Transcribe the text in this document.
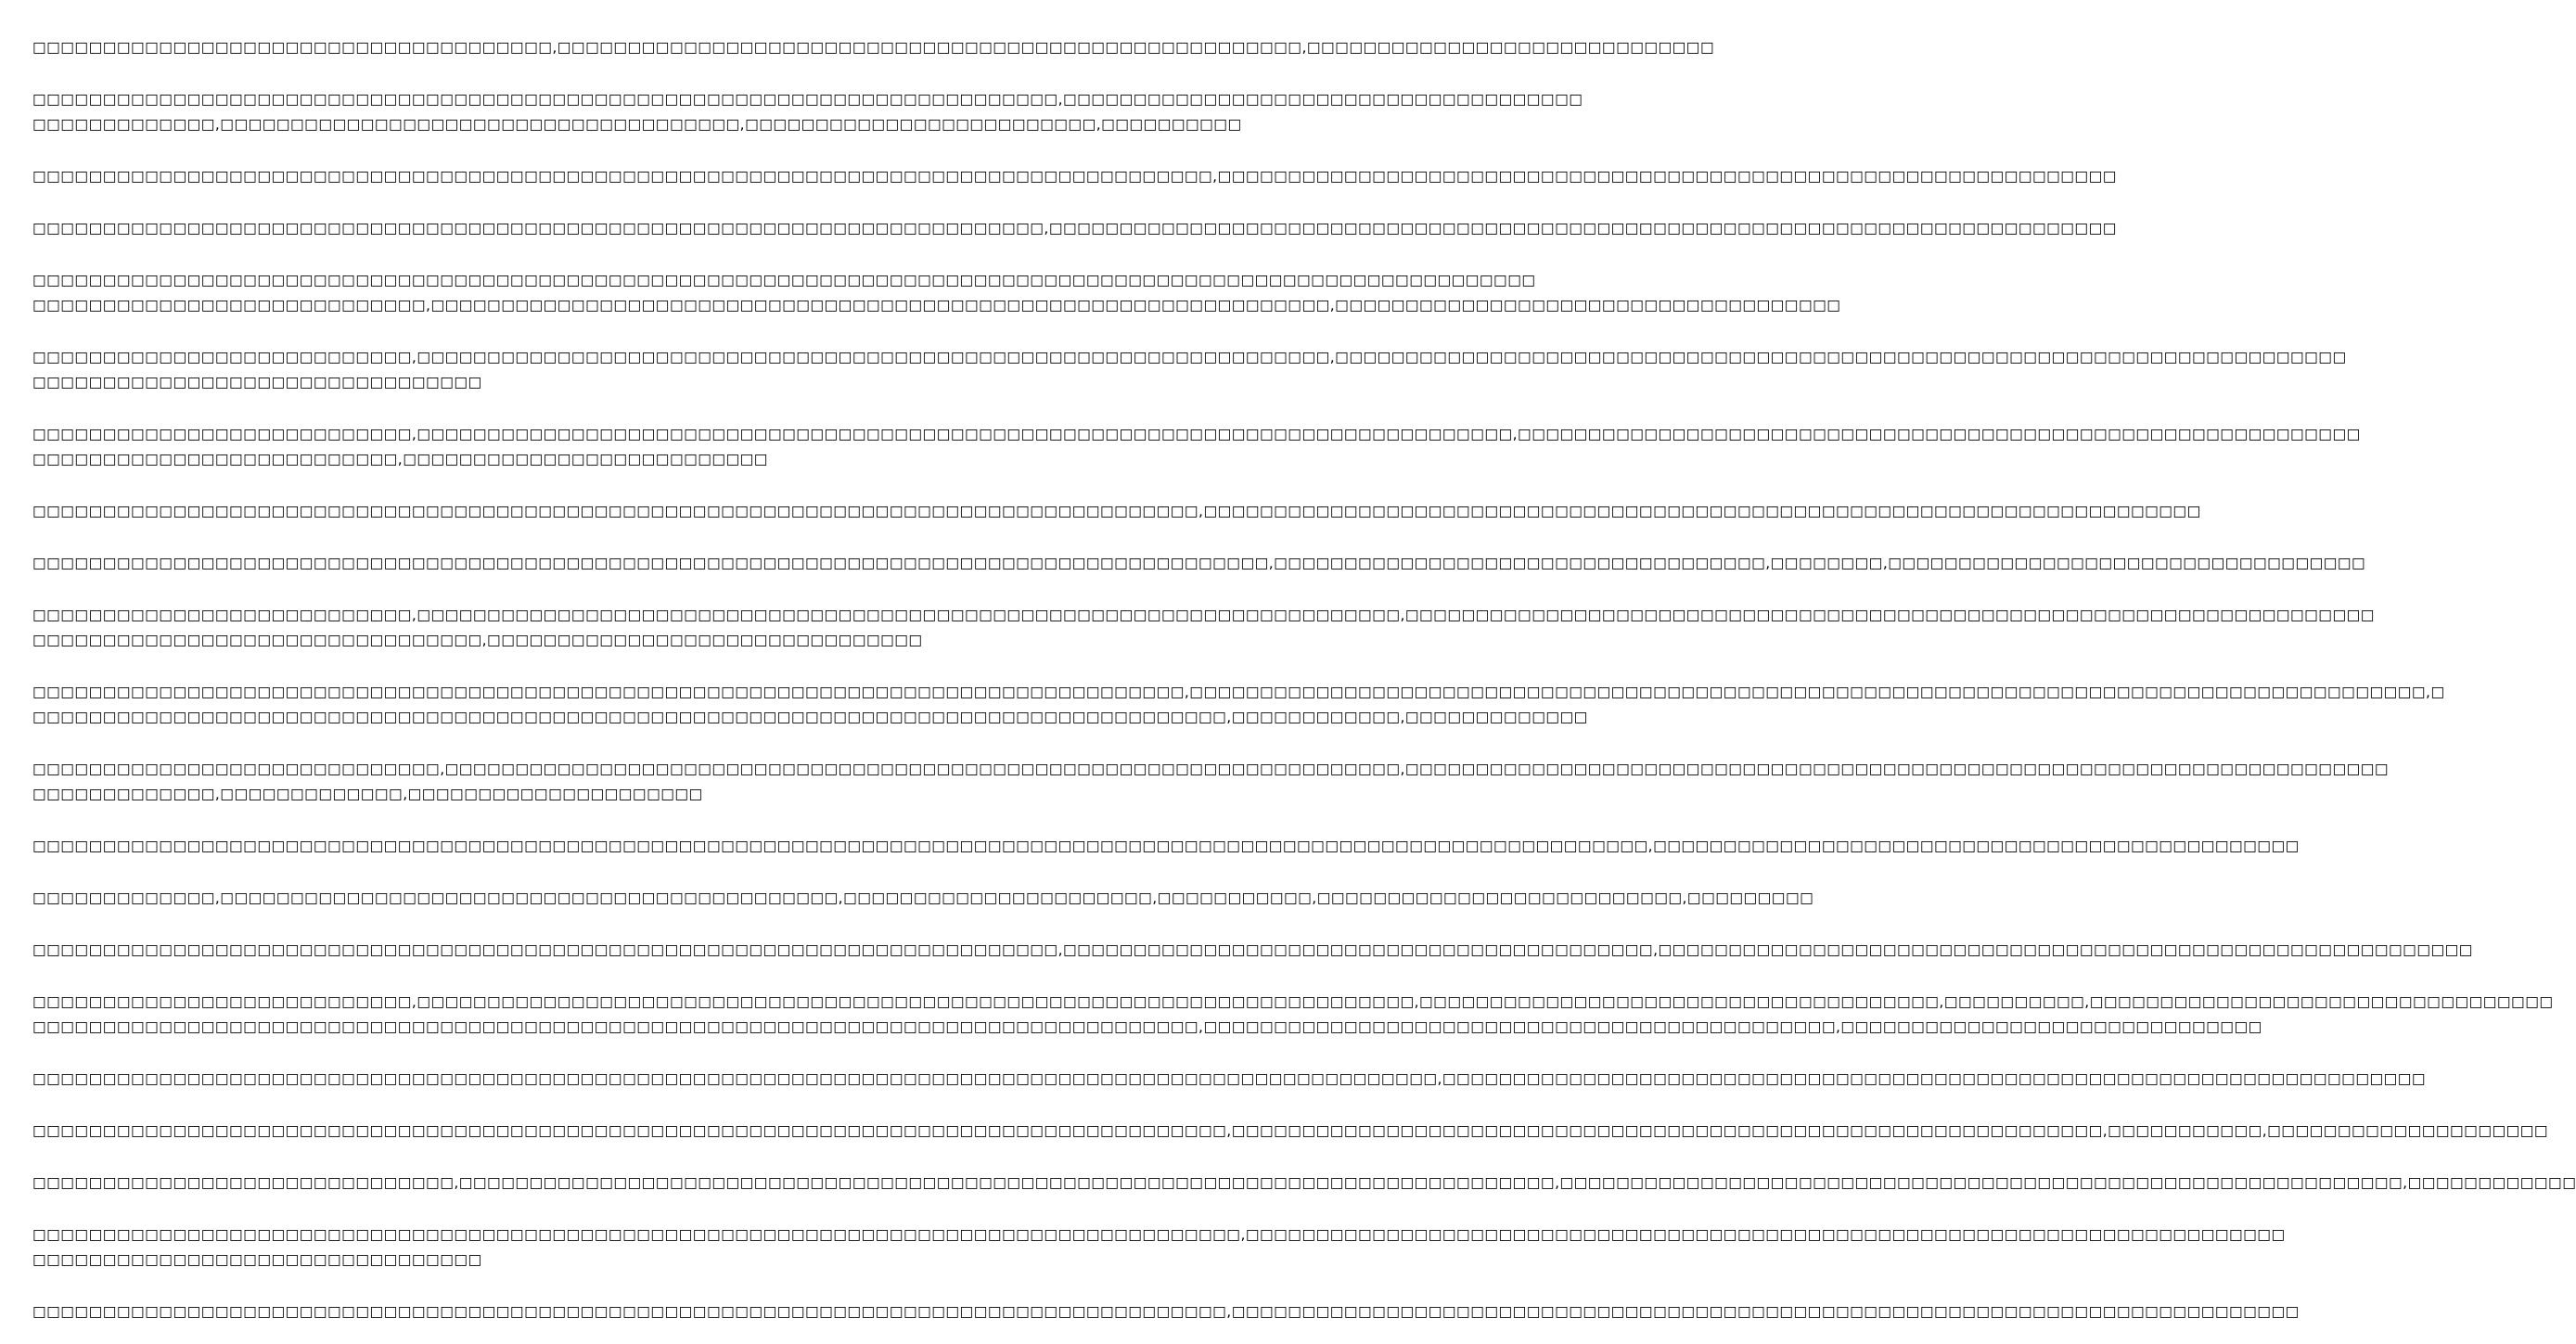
□□□□□□□□□□□□□□□□□□□□□□□□□□□□□□□□□□□□□,□□□□□□□□□□□□□□□□□□□□□□□□□□□□□□□□□□□□□□□□□□□□□□□□□□□□□,□□□□□□□□□□□□□□□□□□□□□□□□□□□□□
□□□□□□□□□□□□□□□□□□□□□□□□□□□□□□□□□□□□□□□□□□□□□□□□□□□□□□□□□□□□□□□□□□□□□□□□□,□□□□□□□□□□□□□□□□□□□□□□□□□□□□□□□□□□□□□
□□□□□□□□□□□□□,□□□□□□□□□□□□□□□□□□□□□□□□□□□□□□□□□□□□□,□□□□□□□□□□□□□□□□□□□□□□□□□,□□□□□□□□□□
□□□□□□□□□□□□□□□□□□□□□□□□□□□□□□□□□□□□□□□□□□□□□□□□□□□□□□□□□□□□□□□□□□□□□□□□□□□□□□□□□□□□,□□□□□□□□□□□□□□□□□□□□□□□□□□□□□□□□□□□□□□□□□□□□□□□□□□□□□□□□□□□□□□□□
□□□□□□□□□□□□□□□□□□□□□□□□□□□□□□□□□□□□□□□□□□□□□□□□□□□□□□□□□□□□□□□□□□□□□□□□,□□□□□□□□□□□□□□□□□□□□□□□□□□□□□□□□□□□□□□□□□□□□□□□□□□□□□□□□□□□□□□□□□□□□□□□□□□□□
□□□□□□□□□□□□□□□□□□□□□□□□□□□□□□□□□□□□□□□□□□□□□□□□□□□□□□□□□□□□□□□□□□□□□□□□□□□□□□□□□□□□□□□□□□□□□□□□□□□□□□□□□□□
□□□□□□□□□□□□□□□□□□□□□□□□□□□□,□□□□□□□□□□□□□□□□□□□□□□□□□□□□□□□□□□□□□□□□□□□□□□□□□□□□□□□□□□□□□□□□,□□□□□□□□□□□□□□□□□□□□□□□□□□□□□□□□□□□□
□□□□□□□□□□□□□□□□□□□□□□□□□□□,□□□□□□□□□□□□□□□□□□□□□□□□□□□□□□□□□□□□□□□□□□□□□□□□□□□□□□□□□□□□□□□□□,□□□□□□□□□□□□□□□□□□□□□□□□□□□□□□□□□□□□□□□□□□□□□□□□□□□□□□□□□□□□□□□□□□□□□□□□
□□□□□□□□□□□□□□□□□□□□□□□□□□□□□□□□
□□□□□□□□□□□□□□□□□□□□□□□□□□□,□□□□□□□□□□□□□□□□□□□□□□□□□□□□□□□□□□□□□□□□□□□□□□□□□□□□□□□□□□□□□□□□□□□□□□□□□□□□□□,□□□□□□□□□□□□□□□□□□□□□□□□□□□□□□□□□□□□□□□□□□□□□□□□□□□□□□□□□□□□
□□□□□□□□□□□□□□□□□□□□□□□□□□,□□□□□□□□□□□□□□□□□□□□□□□□□□
□□□□□□□□□□□□□□□□□□□□□□□□□□□□□□□□□□□□□□□□□□□□□□□□□□□□□□□□□□□□□□□□□□□□□□□□□□□□□□□□□□□,□□□□□□□□□□□□□□□□□□□□□□□□□□□□□□□□□□□□□□□□□□□□□□□□□□□□□□□□□□□□□□□□□□□□□□□
□□□□□□□□□□□□□□□□□□□□□□□□□□□□□□□□□□□□□□□□□□□□□□□□□□□□□□□□□□□□□□□□□□□□□□□□□□□□□□□□□□□□□□□□,□□□□□□□□□□□□□□□□□□□□□□□□□□□□□□□□□□□,□□□□□□□□,□□□□□□□□□□□□□□□□□□□□□□□□□□□□□□□□□□
□□□□□□□□□□□□□□□□□□□□□□□□□□□,□□□□□□□□□□□□□□□□□□□□□□□□□□□□□□□□□□□□□□□□□□□□□□□□□□□□□□□□□□□□□□□□□□□□□□,□□□□□□□□□□□□□□□□□□□□□□□□□□□□□□□□□□□□□□□□□□□□□□□□□□□□□□□□□□□□□□□□□□□□□
□□□□□□□□□□□□□□□□□□□□□□□□□□□□□□□□,□□□□□□□□□□□□□□□□□□□□□□□□□□□□□□□
□□□□□□□□□□□□□□□□□□□□□□□□□□□□□□□□□□□□□□□□□□□□□□□□□□□□□□□□□□□□□□□□□□□□□□□□□□□□□□□□□□,□□□□□□□□□□□□□□□□□□□□□□□□□□□□□□□□□□□□□□□□□□□□□□□□□□□□□□□□□□□□□□□□□□□□□□□□□□□□□□□□□□□□□□□□,□
□□□□□□□□□□□□□□□□□□□□□□□□□□□□□□□□□□□□□□□□□□□□□□□□□□□□□□□□□□□□□□□□□□□□□□□□□□□□□□□□□□□□□,□□□□□□□□□□□□,□□□□□□□□□□□□□
□□□□□□□□□□□□□□□□□□□□□□□□□□□□□,□□□□□□□□□□□□□□□□□□□□□□□□□□□□□□□□□□□□□□□□□□□□□□□□□□□□□□□□□□□□□□□□□□□□,□□□□□□□□□□□□□□□□□□□□□□□□□□□□□□□□□□□□□□□□□□□□□□□□□□□□□□□□□□□□□□□□□□□□□□
□□□□□□□□□□□□□,□□□□□□□□□□□□□,□□□□□□□□□□□□□□□□□□□□□
□□□□□□□□□□□□□□□□□□□□□□□□□□□□□□□□□□□□□□□□□□□□□□□□□□□□□□□□□□□□□□□□□□□□□□□□□□□□□□□□□□□□□□□□□□□□□□□□□□□□□□□□□□□□□□□□□□□,□□□□□□□□□□□□□□□□□□□□□□□□□□□□□□□□□□□□□□□□□□□□□□
□□□□□□□□□□□□□,□□□□□□□□□□□□□□□□□□□□□□□□□□□□□□□□□□□□□□□□□□□□,□□□□□□□□□□□□□□□□□□□□□□,□□□□□□□□□□□,□□□□□□□□□□□□□□□□□□□□□□□□□□,□□□□□□□□□
□□□□□□□□□□□□□□□□□□□□□□□□□□□□□□□□□□□□□□□□□□□□□□□□□□□□□□□□□□□□□□□□□□□□□□□□□,□□□□□□□□□□□□□□□□□□□□□□□□□□□□□□□□□□□□□□□□□□,□□□□□□□□□□□□□□□□□□□□□□□□□□□□□□□□□□□□□□□□□□□□□□□□□□□□□□□□□□
□□□□□□□□□□□□□□□□□□□□□□□□□□□,□□□□□□□□□□□□□□□□□□□□□□□□□□□□□□□□□□□□□□□□□□□□□□□□□□□□□□□□□□□□□□□□□□□□□□□,□□□□□□□□□□□□□□□□□□□□□□□□□□□□□□□□□□□□□,□□□□□□□□□□,□□□□□□□□□□□□□□□□□□□□□□□□□□□□□□□□□
□□□□□□□□□□□□□□□□□□□□□□□□□□□□□□□□□□□□□□□□□□□□□□□□□□□□□□□□□□□□□□□□□□□□□□□□□□□□□□□□□□□,□□□□□□□□□□□□□□□□□□□□□□□□□□□□□□□□□□□□□□□□□□□□□,□□□□□□□□□□□□□□□□□□□□□□□□□□□□□□
□□□□□□□□□□□□□□□□□□□□□□□□□□□□□□□□□□□□□□□□□□□□□□□□□□□□□□□□□□□□□□□□□□□□□□□□□□□□□□□□□□□□□□□□□□□□□□□□□□□□,□□□□□□□□□□□□□□□□□□□□□□□□□□□□□□□□□□□□□□□□□□□□□□□□□□□□□□□□□□□□□□□□□□□□□□
□□□□□□□□□□□□□□□□□□□□□□□□□□□□□□□□□□□□□□□□□□□□□□□□□□□□□□□□□□□□□□□□□□□□□□□□□□□□□□□□□□□□□,□□□□□□□□□□□□□□□□□□□□□□□□□□□□□□□□□□□□□□□□□□□□□□□□□□□□□□□□□□□□□□,□□□□□□□□□□□,□□□□□□□□□□□□□□□□□□□□
□□□□□□□□□□□□□□□□□□□□□□□□□□□□□□,□□□□□□□□□□□□□□□□□□□□□□□□□□□□□□□□□□□□□□□□□□□□□□□□□□□□□□□□□□□□□□□□□□□□□□□□□□□□□□,□□□□□□□□□□□□□□□□□□□□□□□□□□□□□□□□□□□□□□□□□□□□□□□□□□□□□□□□□□□□,□□□□□□□□□□□□
□□□□□□□□□□□□□□□□□□□□□□□□□□□□□□□□□□□□□□□□□□□□□□□□□□□□□□□□□□□□□□□□□□□□□□□□□□□□□□□□□□□□□□,□□□□□□□□□□□□□□□□□□□□□□□□□□□□□□□□□□□□□□□□□□□□□□□□□□□□□□□□□□□□□□□□□□□□□□□□□□
□□□□□□□□□□□□□□□□□□□□□□□□□□□□□□□□
□□□□□□□□□□□□□□□□□□□□□□□□□□□□□□□□□□□□□□□□□□□□□□□□□□□□□□□□□□□□□□□□□□□□□□□□□□□□□□□□□□□□□,□□□□□□□□□□□□□□□□□□□□□□□□□□□□□□□□□□□□□□□□□□□□□□□□□□□□□□□□□□□□□□□□□□□□□□□□□□□□
